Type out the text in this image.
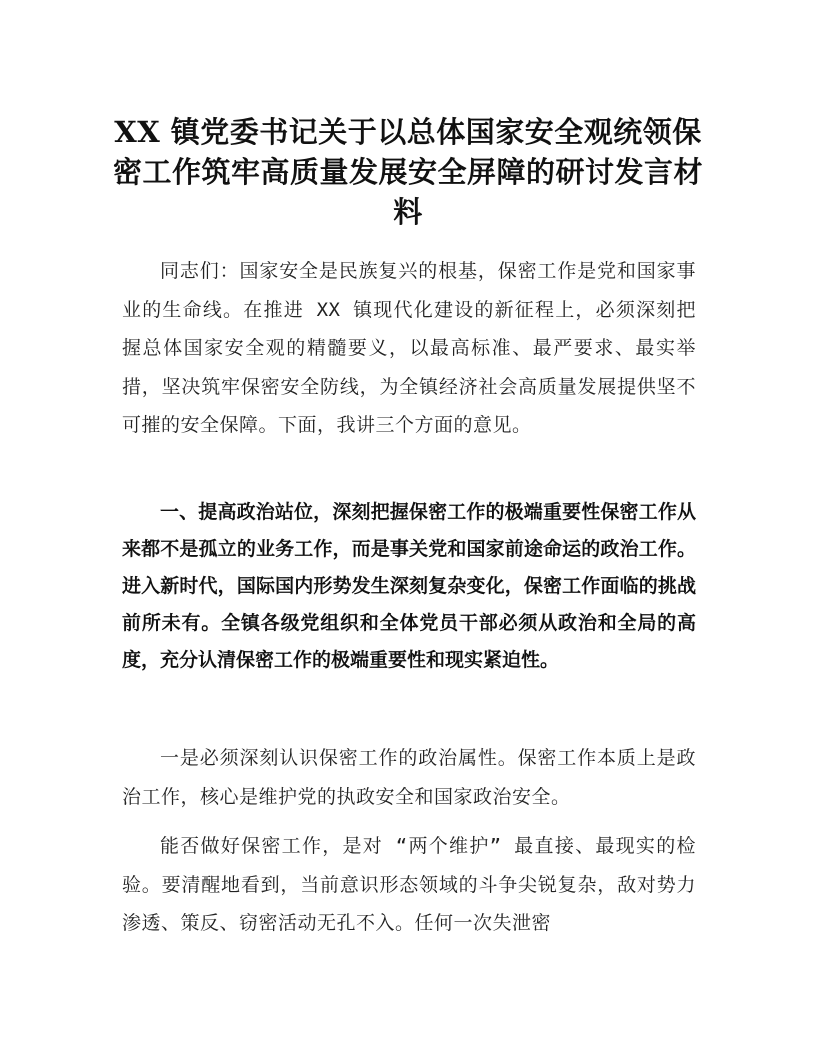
XX 镇党委书记关于以总体国家安全观统领保密工作筑牢高质量发展安全屏障的研讨发言材料

同志们：国家安全是民族复兴的根基，保密工作是党和国家事业的生命线。在推进 XX 镇现代化建设的新征程上，必须深刻把握总体国家安全观的精髓要义，以最高标准、最严要求、最实举措，坚决筑牢保密安全防线，为全镇经济社会高质量发展提供坚不可摧的安全保障。下面，我讲三个方面的意见。

一、提高政治站位，深刻把握保密工作的极端重要性保密工作从来都不是孤立的业务工作，而是事关党和国家前途命运的政治工作。进入新时代，国际国内形势发生深刻复杂变化，保密工作面临的挑战前所未有。全镇各级党组织和全体党员干部必须从政治和全局的高度，充分认清保密工作的极端重要性和现实紧迫性。

一是必须深刻认识保密工作的政治属性。保密工作本质上是政治工作，核心是维护党的执政安全和国家政治安全。

能否做好保密工作，是对 “两个维护” 最直接、最现实的检验。要清醒地看到，当前意识形态领域的斗争尖锐复杂，敌对势力渗透、策反、窃密活动无孔不入。任何一次失泄密
